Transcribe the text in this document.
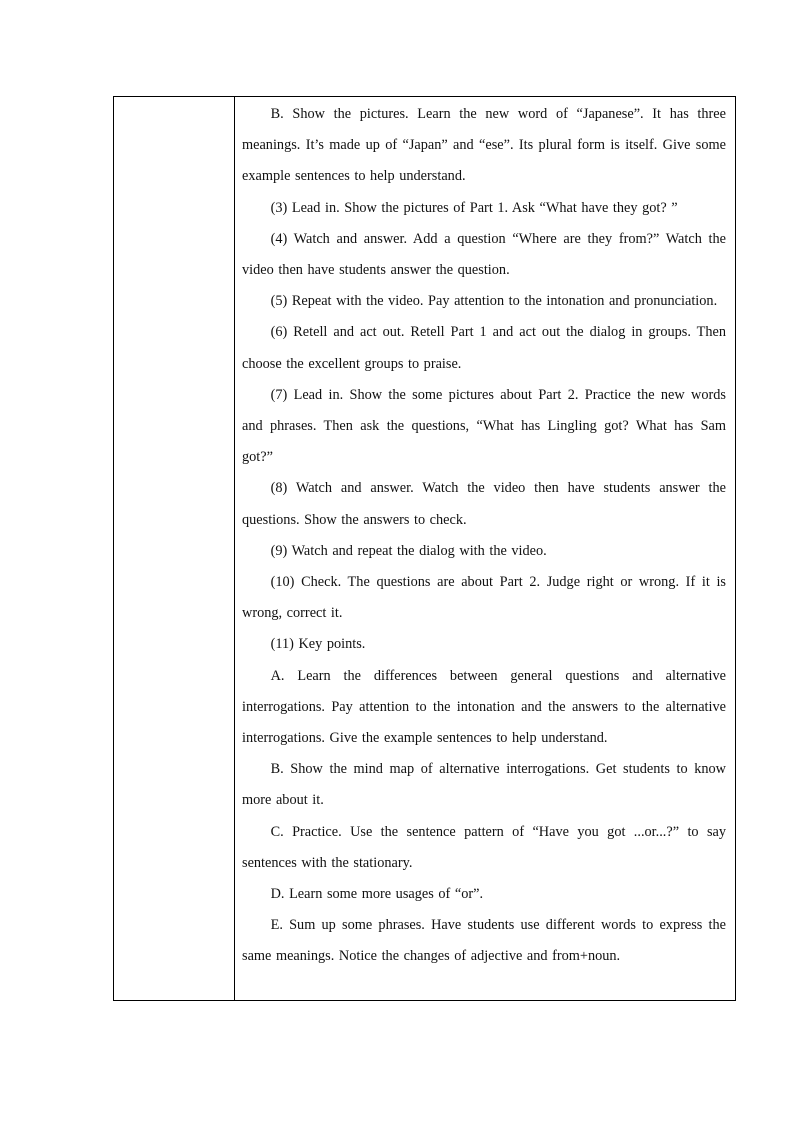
B. Show the pictures. Learn the new word of “Japanese”. It has three meanings. It’s made up of “Japan” and “ese”. Its plural form is itself. Give some example sentences to help understand.

(3) Lead in. Show the pictures of Part 1. Ask “What have they got? ”

(4) Watch and answer. Add a question “Where are they from?” Watch the video then have students answer the question.

(5) Repeat with the video. Pay attention to the intonation and pronunciation.

(6) Retell and act out. Retell Part 1 and act out the dialog in groups. Then choose the excellent groups to praise.

(7) Lead in. Show the some pictures about Part 2. Practice the new words and phrases. Then ask the questions, “What has Lingling got? What has Sam got?”

(8) Watch and answer. Watch the video then have students answer the questions. Show the answers to check.

(9) Watch and repeat the dialog with the video.

(10) Check. The questions are about Part 2. Judge right or wrong. If it is wrong, correct it.

(11) Key points.

A. Learn the differences between general questions and alternative interrogations. Pay attention to the intonation and the answers to the alternative interrogations. Give the example sentences to help understand.

B. Show the mind map of alternative interrogations. Get students to know more about it.

C. Practice. Use the sentence pattern of “Have you got ...or...?” to say sentences with the stationary.

D. Learn some more usages of “or”.

E. Sum up some phrases. Have students use different words to express the same meanings. Notice the changes of adjective and from+noun.
